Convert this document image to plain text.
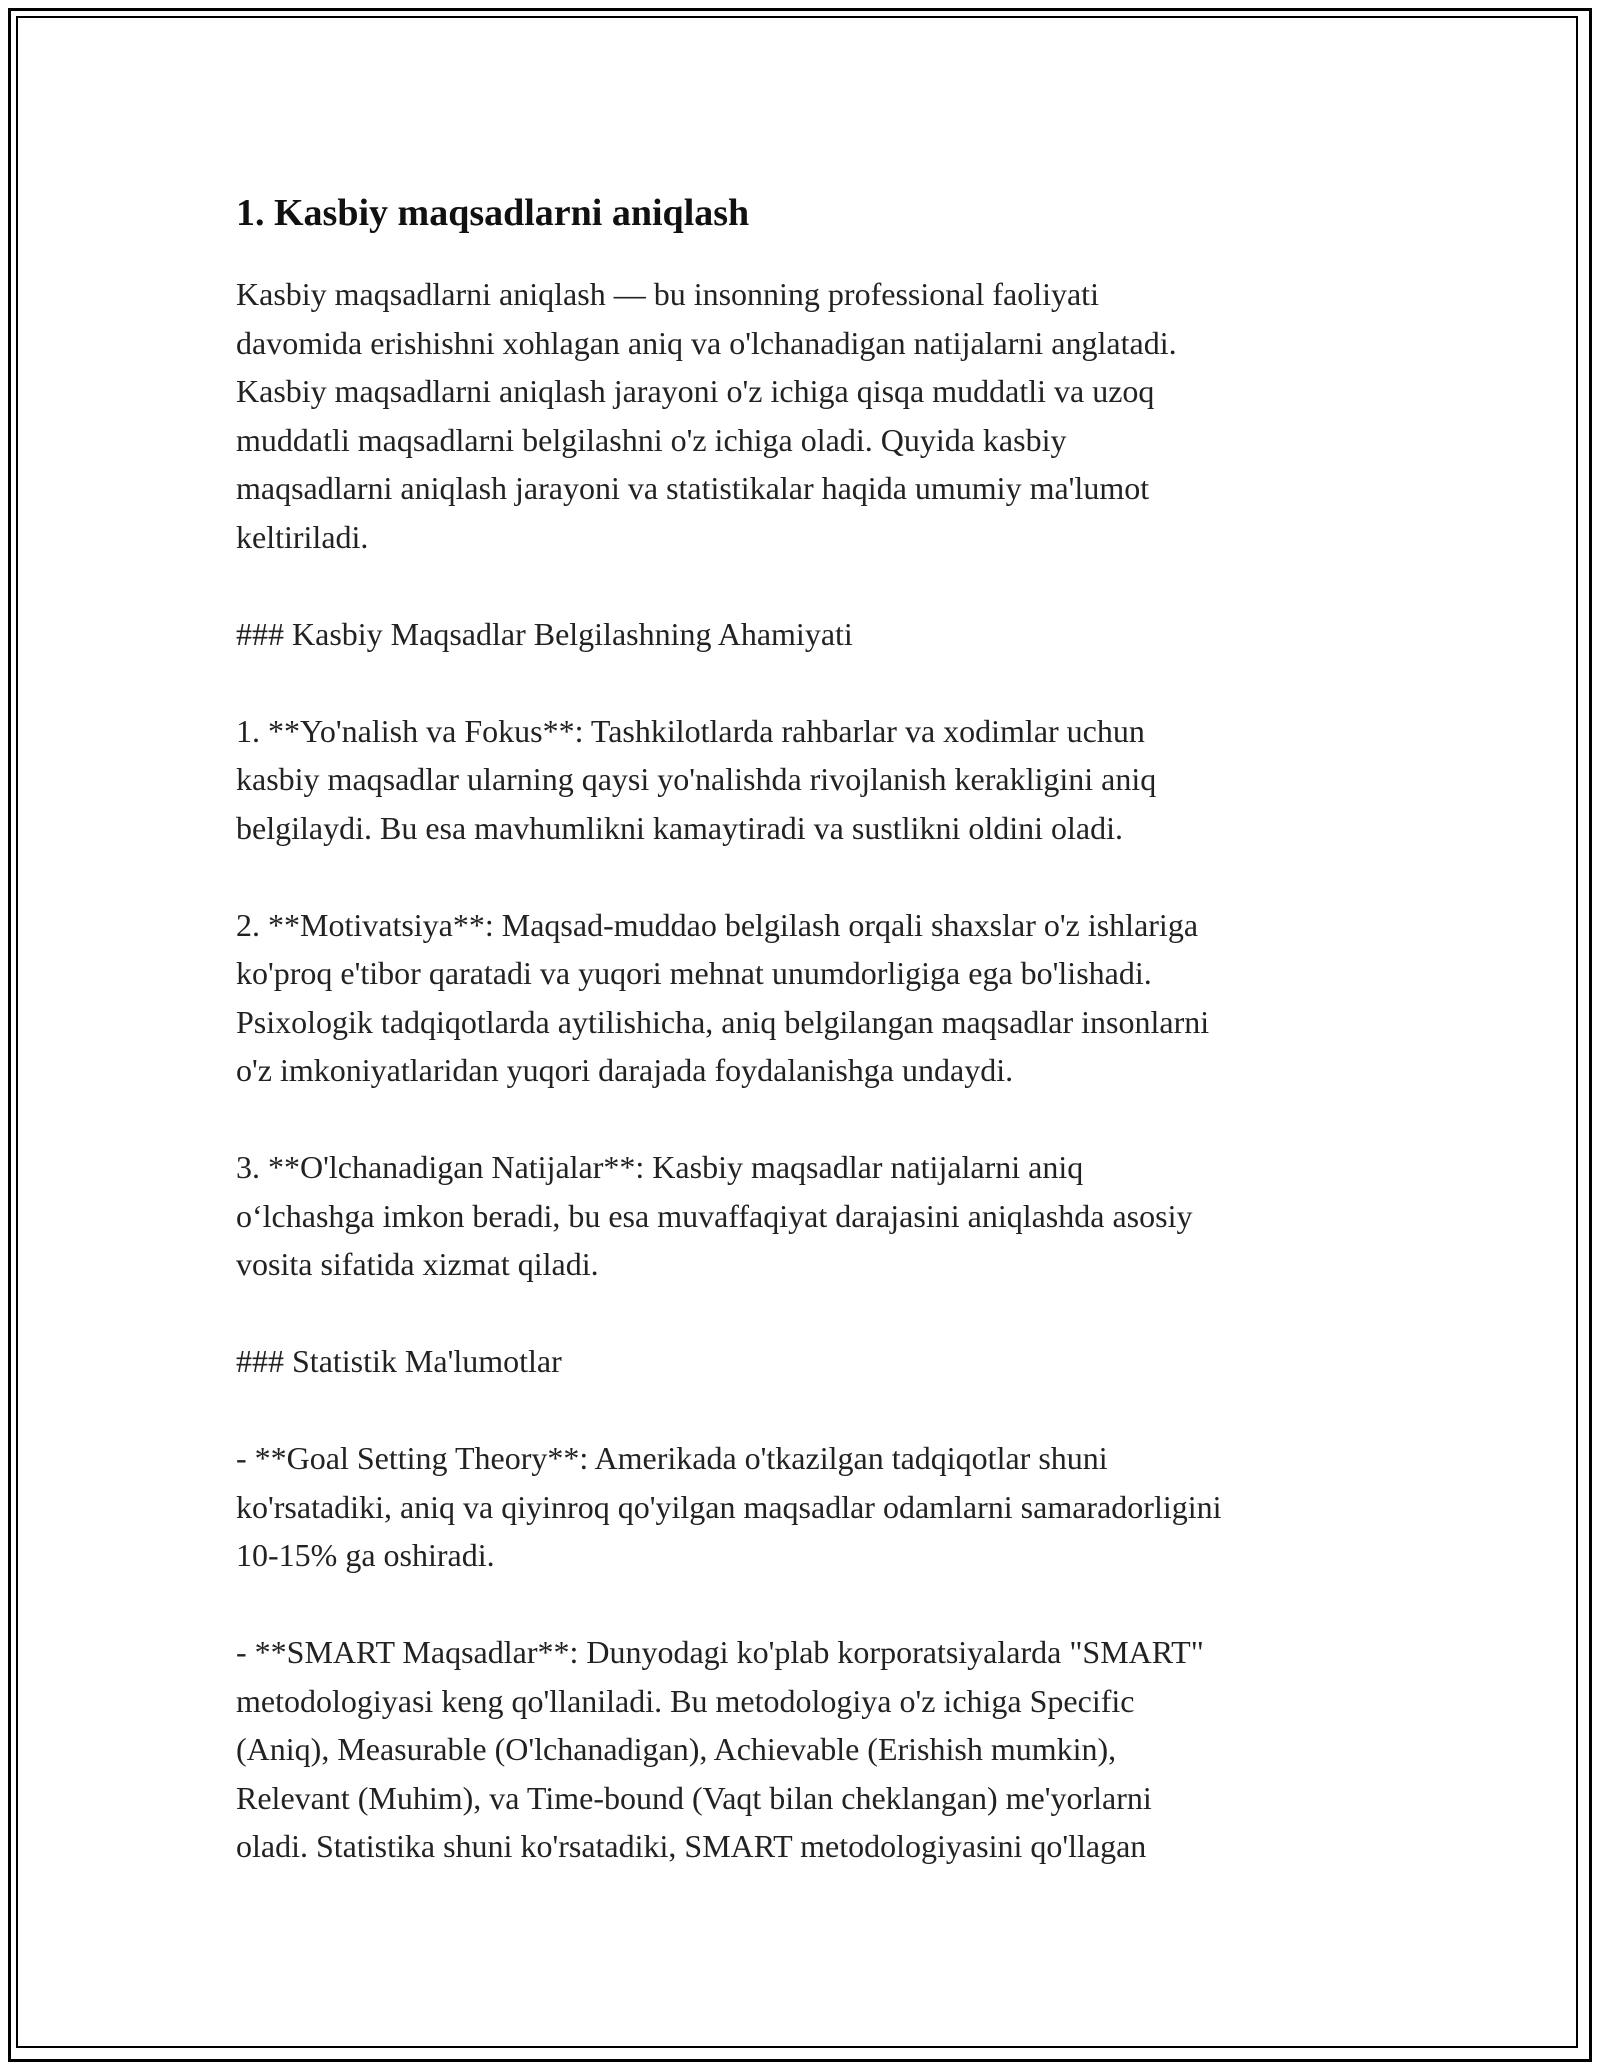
1. Kasbiy maqsadlarni aniqlash

Kasbiy maqsadlarni aniqlash — bu insonning professional faoliyati
davomida erishishni xohlagan aniq va o'lchanadigan natijalarni anglatadi.
Kasbiy maqsadlarni aniqlash jarayoni o'z ichiga qisqa muddatli va uzoq
muddatli maqsadlarni belgilashni o'z ichiga oladi. Quyida kasbiy
maqsadlarni aniqlash jarayoni va statistikalar haqida umumiy ma'lumot
keltiriladi.

### Kasbiy Maqsadlar Belgilashning Ahamiyati

1. **Yo'nalish va Fokus**: Tashkilotlarda rahbarlar va xodimlar uchun
kasbiy maqsadlar ularning qaysi yo'nalishda rivojlanish kerakligini aniq
belgilaydi. Bu esa mavhumlikni kamaytiradi va sustlikni oldini oladi.

2. **Motivatsiya**: Maqsad-muddao belgilash orqali shaxslar o'z ishlariga
ko'proq e'tibor qaratadi va yuqori mehnat unumdorligiga ega bo'lishadi.
Psixologik tadqiqotlarda aytilishicha, aniq belgilangan maqsadlar insonlarni
o'z imkoniyatlaridan yuqori darajada foydalanishga undaydi.

3. **O'lchanadigan Natijalar**: Kasbiy maqsadlar natijalarni aniq
o‘lchashga imkon beradi, bu esa muvaffaqiyat darajasini aniqlashda asosiy
vosita sifatida xizmat qiladi.

### Statistik Ma'lumotlar

- **Goal Setting Theory**: Amerikada o'tkazilgan tadqiqotlar shuni
ko'rsatadiki, aniq va qiyinroq qo'yilgan maqsadlar odamlarni samaradorligini
10-15% ga oshiradi.

- **SMART Maqsadlar**: Dunyodagi ko'plab korporatsiyalarda "SMART"
metodologiyasi keng qo'llaniladi. Bu metodologiya o'z ichiga Specific
(Aniq), Measurable (O'lchanadigan), Achievable (Erishish mumkin),
Relevant (Muhim), va Time-bound (Vaqt bilan cheklangan) me'yorlarni
oladi. Statistika shuni ko'rsatadiki, SMART metodologiyasini qo'llagan
